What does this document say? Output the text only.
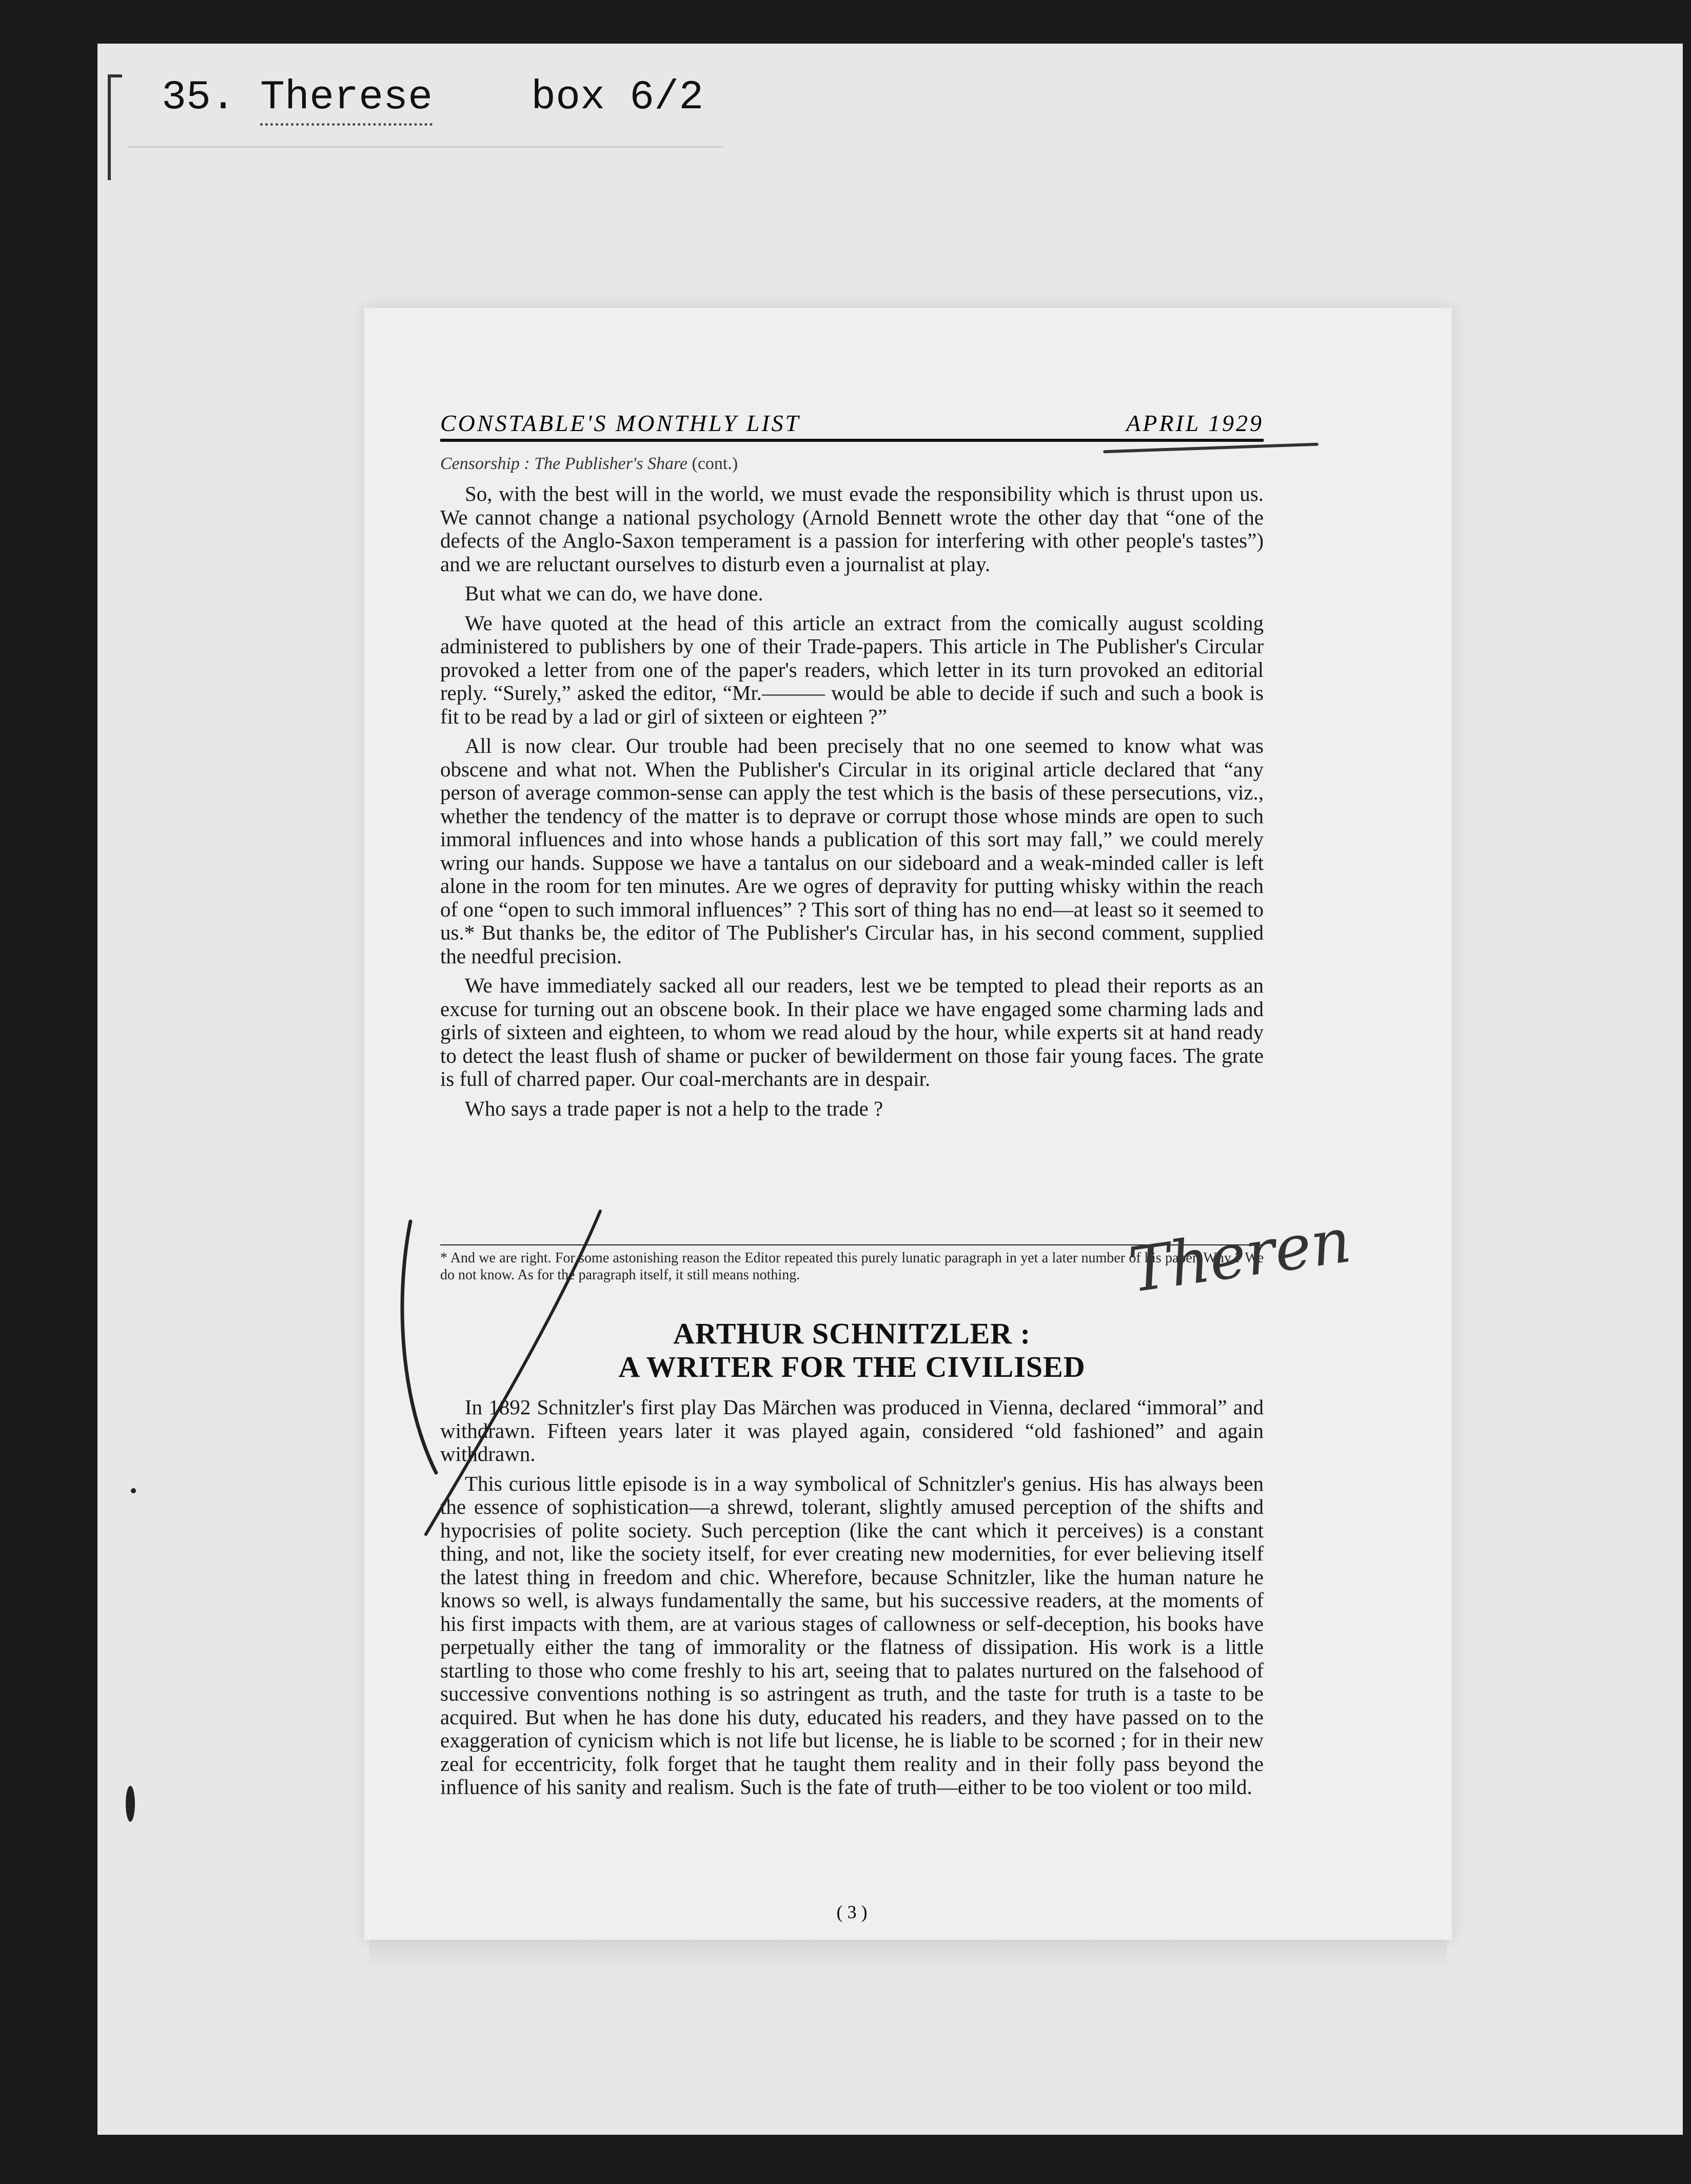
35. Therese box 6/2
CONSTABLE'S MONTHLY LIST	APRIL 1929
Censorship : The Publisher's Share (cont.)

So, with the best will in the world, we must evade the responsibility which is thrust upon us. We cannot change a national psychology (Arnold Bennett wrote the other day that “one of the defects of the Anglo-Saxon temperament is a passion for interfering with other people's tastes”) and we are reluctant ourselves to disturb even a journalist at play.

But what we can do, we have done.

We have quoted at the head of this article an extract from the comically august scolding administered to publishers by one of their Trade-papers. This article in The Publisher's Circular provoked a letter from one of the paper's readers, which letter in its turn provoked an editorial reply. “Surely,” asked the editor, “Mr.——— would be able to decide if such and such a book is fit to be read by a lad or girl of sixteen or eighteen ?”

All is now clear. Our trouble had been precisely that no one seemed to know what was obscene and what not. When the Publisher's Circular in its original article declared that “any person of average common-sense can apply the test which is the basis of these persecutions, viz., whether the tendency of the matter is to deprave or corrupt those whose minds are open to such immoral influences and into whose hands a publication of this sort may fall,” we could merely wring our hands. Suppose we have a tantalus on our sideboard and a weak-minded caller is left alone in the room for ten minutes. Are we ogres of depravity for putting whisky within the reach of one “open to such immoral influences” ? This sort of thing has no end—at least so it seemed to us.* But thanks be, the editor of The Publisher's Circular has, in his second comment, supplied the needful precision.

We have immediately sacked all our readers, lest we be tempted to plead their reports as an excuse for turning out an obscene book. In their place we have engaged some charming lads and girls of sixteen and eighteen, to whom we read aloud by the hour, while experts sit at hand ready to detect the least flush of shame or pucker of bewilderment on those fair young faces. The grate is full of charred paper. Our coal-merchants are in despair.

Who says a trade paper is not a help to the trade ?

* And we are right. For some astonishing reason the Editor repeated this purely lunatic paragraph in yet a later number of his paper. Why ? We do not know. As for the paragraph itself, it still means nothing.
ARTHUR SCHNITZLER :
A WRITER FOR THE CIVILISED

In 1892 Schnitzler's first play Das Märchen was produced in Vienna, declared “immoral” and withdrawn. Fifteen years later it was played again, considered “old fashioned” and again withdrawn.

This curious little episode is in a way symbolical of Schnitzler's genius. His has always been the essence of sophistication—a shrewd, tolerant, slightly amused perception of the shifts and hypocrisies of polite society. Such perception (like the cant which it perceives) is a constant thing, and not, like the society itself, for ever creating new modernities, for ever believing itself the latest thing in freedom and chic. Wherefore, because Schnitzler, like the human nature he knows so well, is always fundamentally the same, but his successive readers, at the moments of his first impacts with them, are at various stages of callowness or self-deception, his books have perpetually either the tang of immorality or the flatness of dissipation. His work is a little startling to those who come freshly to his art, seeing that to palates nurtured on the falsehood of successive conventions nothing is so astringent as truth, and the taste for truth is a taste to be acquired. But when he has done his duty, educated his readers, and they have passed on to the exaggeration of cynicism which is not life but license, he is liable to be scorned ; for in their new zeal for eccentricity, folk forget that he taught them reality and in their folly pass beyond the influence of his sanity and realism. Such is the fate of truth—either to be too violent or too mild.

( 3 )
Theren
